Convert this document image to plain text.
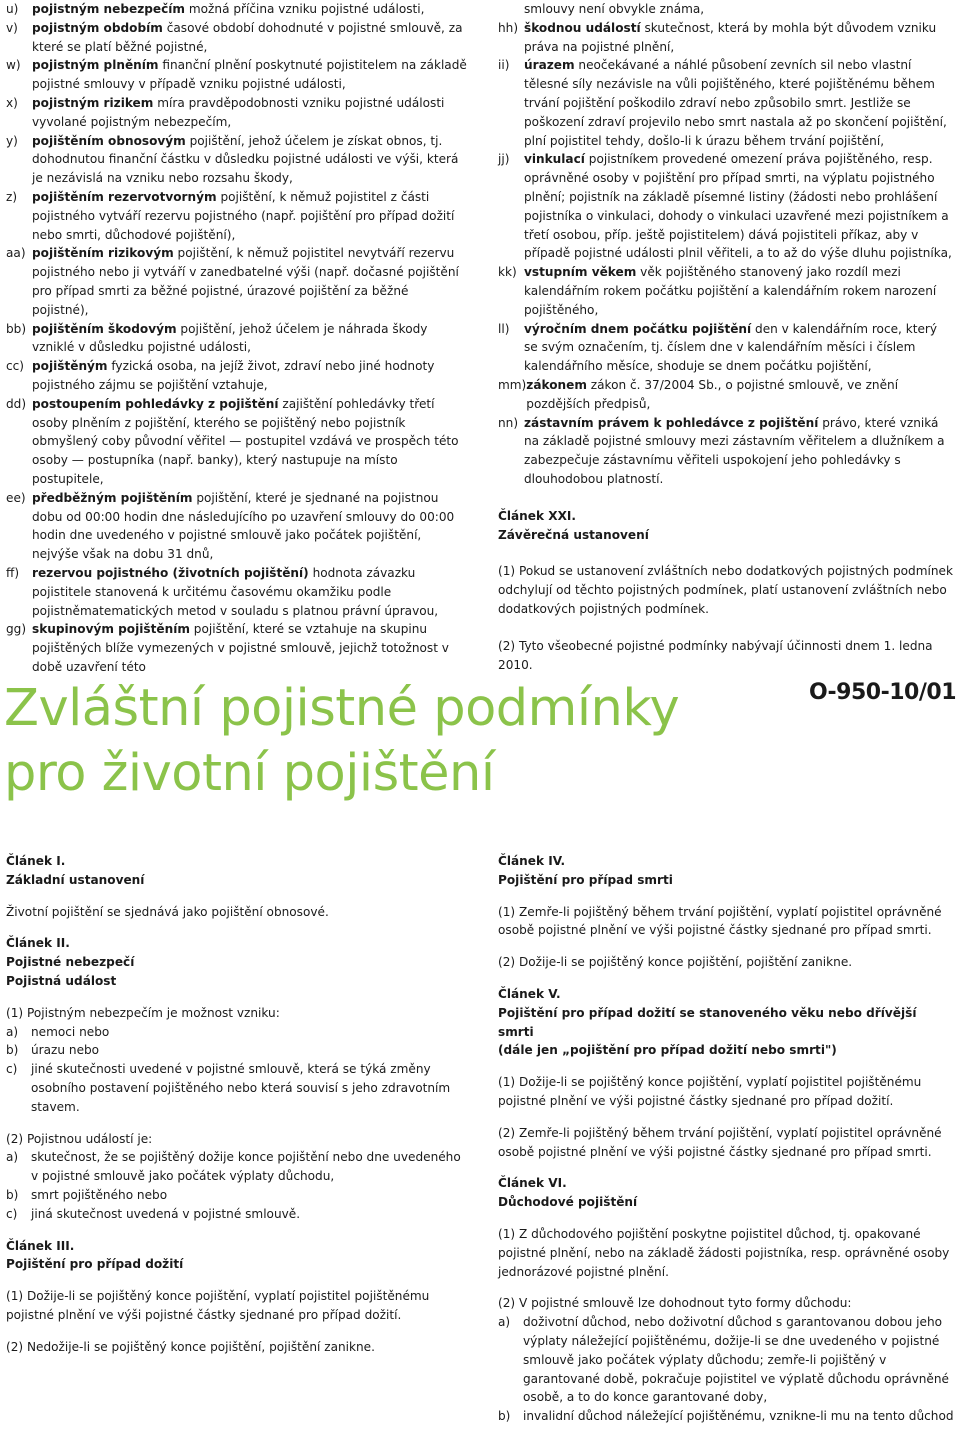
u)	pojistným nebezpečím možná příčina vzniku pojistné události,
v)	pojistným obdobím časové období dohodnuté v pojistné smlouvě, za které se platí běžné pojistné,
w) pojistným plněním finanční plnění poskytnuté pojistitelem na základě pojistné smlouvy v případě vzniku pojistné události,
x)	pojistným rizikem míra pravděpodobnosti vzniku pojistné události vyvolané pojistným nebezpečím,
y)	pojištěním obnosovým pojištění, jehož účelem je získat obnos, tj. dohodnutou finanční částku v důsledku pojistné události ve výši, která je nezávislá na vzniku nebo rozsahu škody,
z)	pojištěním rezervotvorným pojištění, k němuž pojistitel z části pojistného vytváří rezervu pojistného (např. pojištění pro případ dožití nebo smrti, důchodové pojištění),
aa) pojištěním rizikovým pojištění, k němuž pojistitel nevytváří rezervu pojistného nebo ji vytváří v zanedbatelné výši (např. dočasné pojištění pro případ smrti za běžné pojistné, úrazové pojištění za běžné pojistné),
bb) pojištěním škodovým pojištění, jehož účelem je náhrada škody vzniklé v důsledku pojistné události,
cc) pojištěným fyzická osoba, na jejíž život, zdraví nebo jiné hodnoty pojistného zájmu se pojištění vztahuje,
dd) postoupením pohledávky z pojištění zajištění pohledávky třetí osoby plněním z pojištění, kterého se pojištěný nebo pojistník obmyšlený coby původní věřitel — postupitel vzdává ve prospěch této osoby — postupníka (např. banky), který nastupuje na místo postupitele,
ee) předběžným pojištěním pojištění, které je sjednané na pojistnou dobu od 00:00 hodin dne následujícího po uzavření smlouvy do 00:00 hodin dne uvedeného v pojistné smlouvě jako počátek pojištění, nejvýše však na dobu 31 dnů,
ff)	rezervou pojistného (životních pojištění) hodnota závazku pojistitele stanovená k určitému časovému okamžiku podle pojistněmatematických metod v souladu s platnou právní úpravou,
gg) skupinovým pojištěním pojištění, které se vztahuje na skupinu pojištěných blíže vymezených v pojistné smlouvě, jejichž totožnost v době uzavření této
smlouvy není obvykle známa,
hh) škodnou událostí skutečnost, která by mohla být důvodem vzniku práva na pojistné plnění,
ii)	úrazem neočekávané a náhlé působení zevních sil nebo vlastní tělesné síly nezávisle na vůli pojištěného, které pojištěnému během trvání pojištění poškodilo zdraví nebo způsobilo smrt. Jestliže se poškození zdraví projevilo nebo smrt nastala až po skončení pojištění, plní pojistitel tehdy, došlo-li k úrazu během trvání pojištění,
jj)	vinkulací pojistníkem provedené omezení práva pojištěného, resp. oprávněné osoby v pojištění pro případ smrti, na výplatu pojistného plnění; pojistník na základě písemné listiny (žádosti nebo prohlášení pojistníka o vinkulaci, dohody o vinkulaci uzavřené mezi pojistníkem a třetí osobou, příp. ještě pojistitelem) dává pojistiteli příkaz, aby v případě pojistné události plnil věřiteli, a to až do výše dluhu pojistníka,
kk) vstupním věkem věk pojištěného stanovený jako rozdíl mezi kalendářním rokem počátku pojištění a kalendářním rokem narození pojištěného,
ll)	výročním dnem počátku pojištění den v kalendářním roce, který se svým označením, tj. číslem dne v kalendářním měsíci i číslem kalendářního měsíce, shoduje se dnem počátku pojištění,
mm) zákonem zákon č. 37/2004 Sb., o pojistné smlouvě, ve znění pozdějších předpisů,
nn) zástavním právem k pohledávce z pojištění právo, které vzniká na základě pojistné smlouvy mezi zástavním věřitelem a dlužníkem a zabezpečuje zástavnímu věřiteli uspokojení jeho pohledávky s dlouhodobou platností.
Článek XXI.
Závěrečná ustanovení
(1) Pokud se ustanovení zvláštních nebo dodatkových pojistných podmínek odchylují od těchto pojistných podmínek, platí ustanovení zvláštních nebo dodatkových pojistných podmínek.
(2) Tyto všeobecné pojistné podmínky nabývají účinnosti dnem 1. ledna 2010.
Zvláštní pojistné podmínky
pro životní pojištění
O-950-10/01
Článek I.
Základní ustanovení
Životní pojištění se sjednává jako pojištění obnosové.
Článek II.
Pojistné nebezpečí
Pojistná událost
(1) Pojistným nebezpečím je možnost vzniku:
a)	nemoci nebo
b)	úrazu nebo
c)	jiné skutečnosti uvedené v pojistné smlouvě, která se týká změny osobního postavení pojištěného nebo která souvisí s jeho zdravotním stavem.
(2) Pojistnou událostí je:
a)	skutečnost, že se pojištěný dožije konce pojištění nebo dne uvedeného v pojistné smlouvě jako počátek výplaty důchodu,
b)	smrt pojištěného nebo
c)	jiná skutečnost uvedená v pojistné smlouvě.
Článek III.
Pojištění pro případ dožití
(1) Dožije-li se pojištěný konce pojištění, vyplatí pojistitel pojištěnému pojistné plnění ve výši pojistné částky sjednané pro případ dožití.
(2) Nedožije-li se pojištěný konce pojištění, pojištění zanikne.
Článek IV.
Pojištění pro případ smrti
(1) Zemře-li pojištěný během trvání pojištění, vyplatí pojistitel oprávněné osobě pojistné plnění ve výši pojistné částky sjednané pro případ smrti.
(2) Dožije-li se pojištěný konce pojištění, pojištění zanikne.
Článek V.
Pojištění pro případ dožití se stanoveného věku nebo dřívější smrti
(dále jen „pojištění pro případ dožití nebo smrti")
(1) Dožije-li se pojištěný konce pojištění, vyplatí pojistitel pojištěnému pojistné plnění ve výši pojistné částky sjednané pro případ dožití.
(2) Zemře-li pojištěný během trvání pojištění, vyplatí pojistitel oprávněné osobě pojistné plnění ve výši pojistné částky sjednané pro případ smrti.
Článek VI.
Důchodové pojištění
(1) Z důchodového pojištění poskytne pojistitel důchod, tj. opakované pojistné plnění, nebo na základě žádosti pojistníka, resp. oprávněné osoby jednorázové pojistné plnění.
(2) V pojistné smlouvě lze dohodnout tyto formy důchodu:
a)	doživotní důchod, nebo doživotní důchod s garantovanou dobou jeho výplaty náležející pojištěnému, dožije-li se dne uvedeného v pojistné smlouvě jako počátek výplaty důchodu; zemře-li pojištěný v garantované době, pokračuje pojistitel ve výplatě důchodu oprávněné osobě, a to do konce garantované doby,
b)	invalidní důchod náležející pojištěnému, vznikne-li mu na tento důchod
